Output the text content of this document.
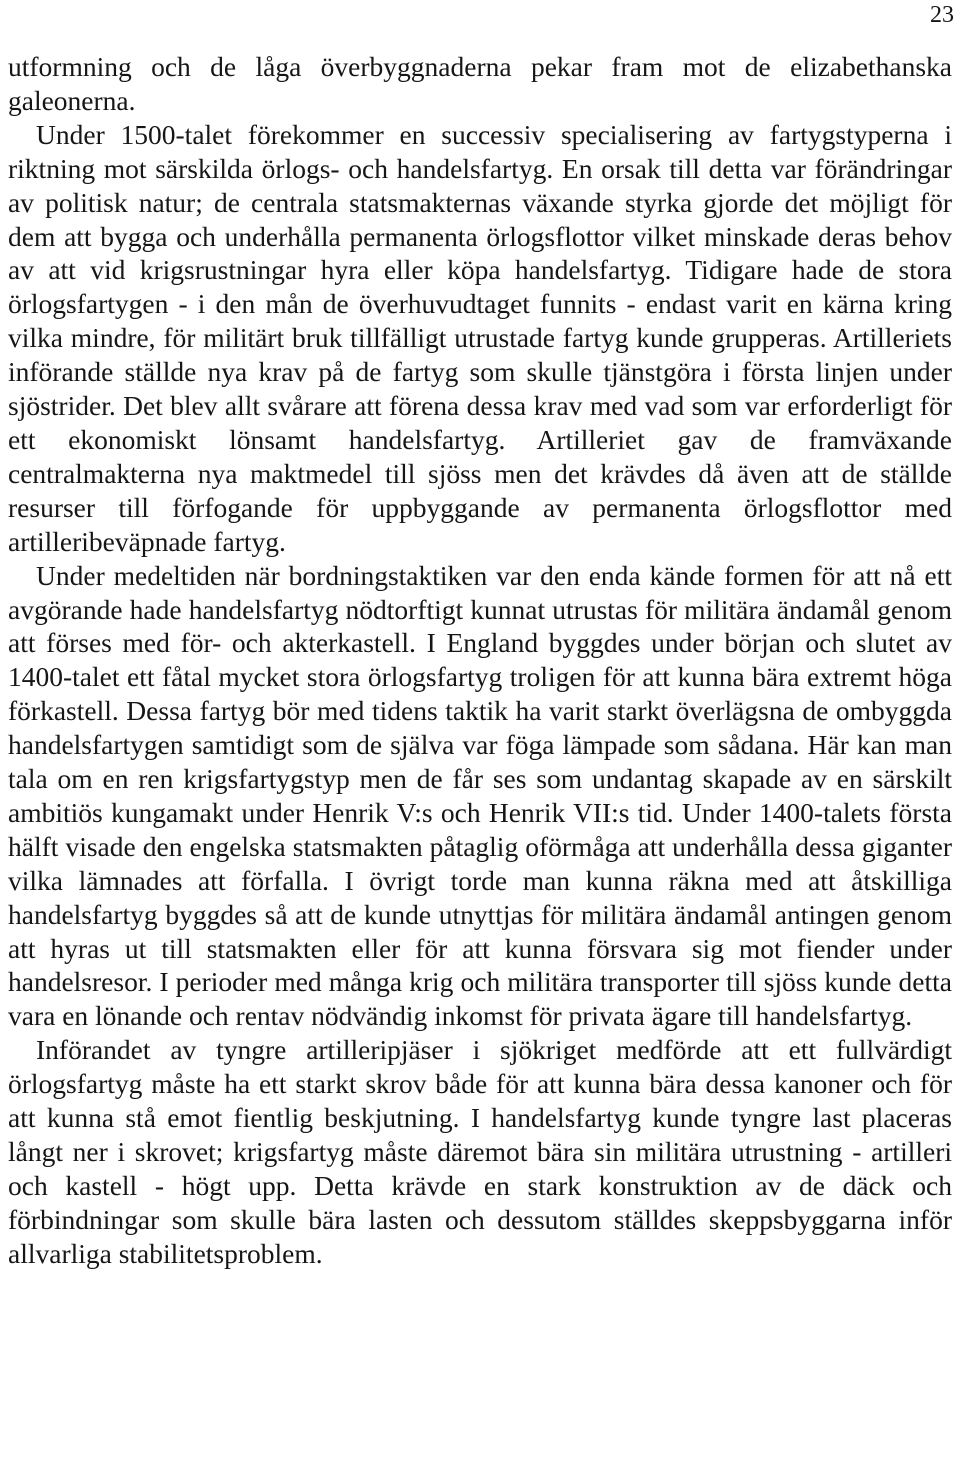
23

utformning och de låga överbyggnaderna pekar fram mot de elizabethanska galeonerna.

Under 1500-talet förekommer en successiv specialisering av fartygstyperna i riktning mot särskilda örlogs- och handelsfartyg. En orsak till detta var förändringar av politisk natur; de centrala statsmakternas växande styrka gjorde det möjligt för dem att bygga och underhålla permanenta örlogsflottor vilket minskade deras behov av att vid krigsrustningar hyra eller köpa handelsfartyg. Tidigare hade de stora örlogsfartygen - i den mån de överhuvudtaget funnits - endast varit en kärna kring vilka mindre, för militärt bruk tillfälligt utrustade fartyg kunde grupperas. Artilleriets införande ställde nya krav på de fartyg som skulle tjänstgöra i första linjen under sjöstrider. Det blev allt svårare att förena dessa krav med vad som var erforderligt för ett ekonomiskt lönsamt handelsfartyg. Artilleriet gav de framväxande centralmakterna nya maktmedel till sjöss men det krävdes då även att de ställde resurser till förfogande för uppbyggande av permanenta örlogsflottor med artilleribeväpnade fartyg.

Under medeltiden när bordningstaktiken var den enda kände formen för att nå ett avgörande hade handelsfartyg nödtorftigt kunnat utrustas för militära ändamål genom att förses med för- och akterkastell. I England byggdes under början och slutet av 1400-talet ett fåtal mycket stora örlogsfartyg troligen för att kunna bära extremt höga förkastell. Dessa fartyg bör med tidens taktik ha varit starkt överlägsna de ombyggda handelsfartygen samtidigt som de själva var föga lämpade som sådana. Här kan man tala om en ren krigsfartygstyp men de får ses som undantag skapade av en särskilt ambitiös kungamakt under Henrik V:s och Henrik VII:s tid. Under 1400-talets första hälft visade den engelska statsmakten påtaglig oförmåga att underhålla dessa giganter vilka lämnades att förfalla. I övrigt torde man kunna räkna med att åtskilliga handelsfartyg byggdes så att de kunde utnyttjas för militära ändamål antingen genom att hyras ut till statsmakten eller för att kunna försvara sig mot fiender under handelsresor. I perioder med många krig och militära transporter till sjöss kunde detta vara en lönande och rentav nödvändig inkomst för privata ägare till handelsfartyg.

Införandet av tyngre artilleripjäser i sjökriget medförde att ett fullvärdigt örlogsfartyg måste ha ett starkt skrov både för att kunna bära dessa kanoner och för att kunna stå emot fientlig beskjutning. I handelsfartyg kunde tyngre last placeras långt ner i skrovet; krigsfartyg måste däremot bära sin militära utrustning - artilleri och kastell - högt upp. Detta krävde en stark konstruktion av de däck och förbindningar som skulle bära lasten och dessutom ställdes skeppsbyggarna inför allvarliga stabilitetsproblem.
